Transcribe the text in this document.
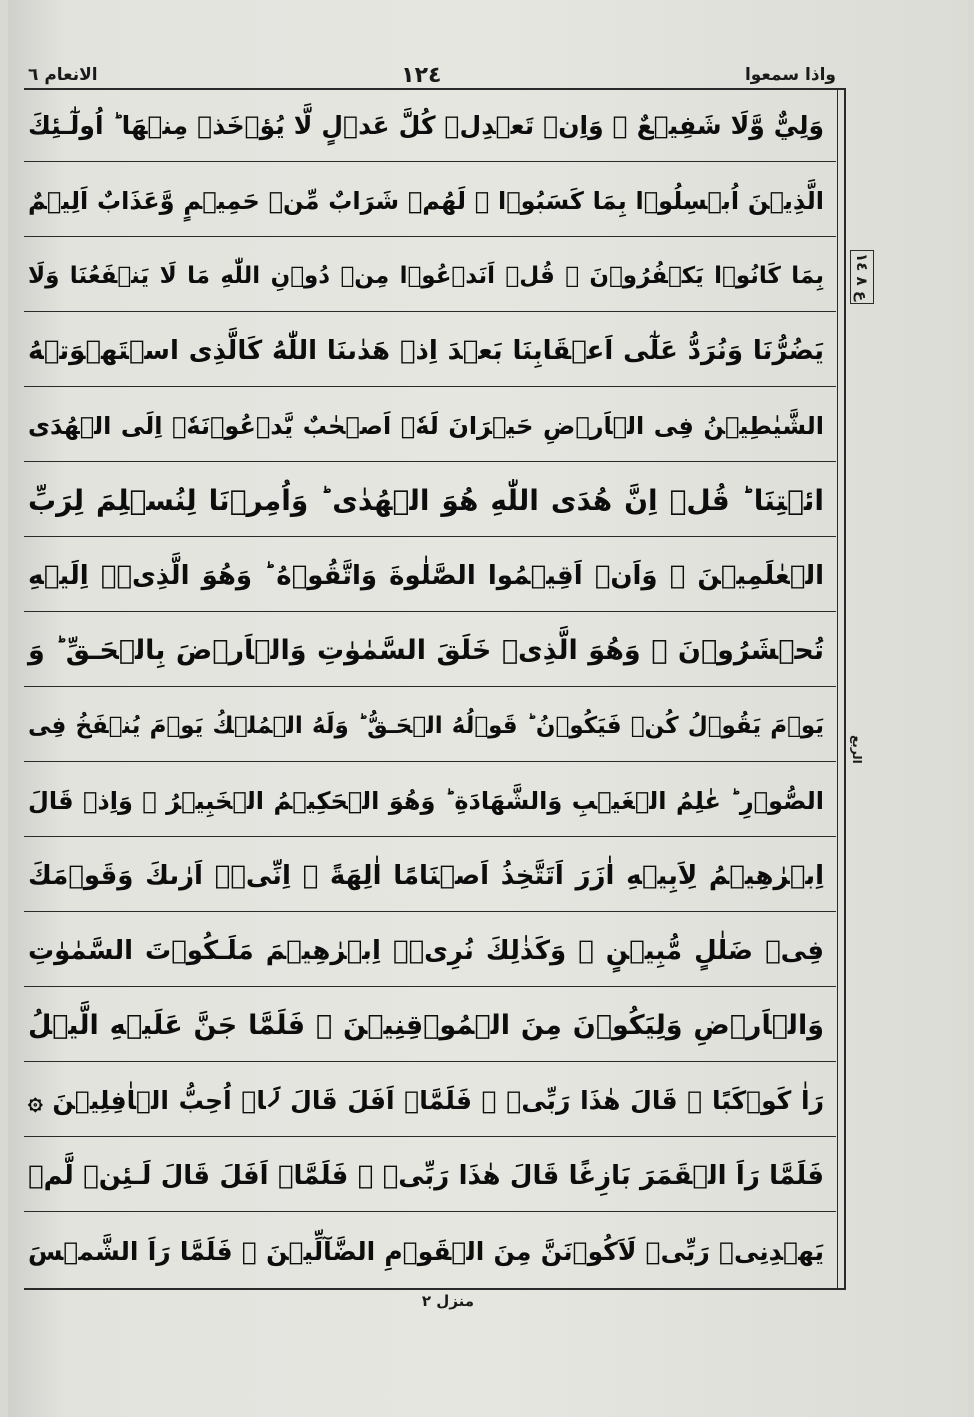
واذا سمعوا
١٢٤
الانعام ٦
وَلِيٌّ وَّلَا شَفِيۡعٌ ۚ وَاِنۡ تَعۡدِلۡ كُلَّ عَدۡلٍ لَّا يُؤۡخَذۡ مِنۡهَا ؕ اُولٰٓـئِكَ
الَّذِيۡنَ اُبۡسِلُوۡا بِمَا كَسَبُوۡا ۚ لَهُمۡ شَرَابٌ مِّنۡ حَمِيۡمٍ وَّعَذَابٌ اَلِيۡمٌ
بِمَا كَانُوۡا يَكۡفُرُوۡنَ ۞ قُلۡ اَنَدۡعُوۡا مِنۡ دُوۡنِ اللّٰهِ مَا لَا يَنۡفَعُنَا وَلَا
يَضُرُّنَا وَنُرَدُّ عَلٰٓى اَعۡقَابِنَا بَعۡدَ اِذۡ هَدٰٮنَا اللّٰهُ كَالَّذِى اسۡتَهۡوَتۡهُ
الشَّيٰطِيۡنُ فِى الۡاَرۡضِ حَيۡرَانَ لَهٗۤ اَصۡحٰبٌ يَّدۡعُوۡنَهٗۤ اِلَى الۡهُدَى
ائۡتِنَا ؕ قُلۡ اِنَّ هُدَى اللّٰهِ هُوَ الۡهُدٰى ؕ وَاُمِرۡنَا لِنُسۡلِمَ لِرَبِّ
الۡعٰلَمِيۡنَ ۞ وَاَنۡ اَقِيۡمُوا الصَّلٰوةَ وَاتَّقُوۡهُ ؕ وَهُوَ الَّذِىۡۤ اِلَيۡهِ
تُحۡشَرُوۡنَ ۞ وَهُوَ الَّذِىۡ خَلَقَ السَّمٰوٰتِ وَالۡاَرۡضَ بِالۡحَـقِّ ؕ وَ
يَوۡمَ يَقُوۡلُ كُنۡ فَيَكُوۡنُ ؕ قَوۡلُهُ الۡحَـقُّ ؕ وَلَهُ الۡمُلۡكُ يَوۡمَ يُنۡفَخُ فِى
الصُّوۡرِ ؕ عٰلِمُ الۡغَيۡبِ وَالشَّهَادَةِ ؕ وَهُوَ الۡحَكِيۡمُ الۡخَبِيۡرُ ۞ وَاِذۡ قَالَ
اِبۡرٰهِيۡمُ لِاَبِيۡهِ اٰزَرَ اَتَتَّخِذُ اَصۡنَامًا اٰلِهَةً ۚ اِنِّىۡۤ اَرٰٮكَ وَقَوۡمَكَ
فِىۡ ضَلٰلٍ مُّبِيۡنٍ ۞ وَكَذٰلِكَ نُرِىۡۤ اِبۡرٰهِيۡمَ مَلَـكُوۡتَ السَّمٰوٰتِ
وَالۡاَرۡضِ وَلِيَكُوۡنَ مِنَ الۡمُوۡقِنِيۡنَ ۞ فَلَمَّا جَنَّ عَلَيۡهِ الَّيۡلُ
رَاٰ كَوۡكَبًا ۚ قَالَ هٰذَا رَبِّىۡ ۚ فَلَمَّاۤ اَفَلَ قَالَ لَاۤ اُحِبُّ الۡاٰفِلِيۡنَ ۞
فَلَمَّا رَاَ الۡقَمَرَ بَازِغًا قَالَ هٰذَا رَبِّىۡ ۚ فَلَمَّاۤ اَفَلَ قَالَ لَـئِنۡ لَّمۡ
يَهۡدِنِىۡ رَبِّىۡ لَاَكُوۡنَنَّ مِنَ الۡقَوۡمِ الضَّآلِّيۡنَ ۞ فَلَمَّا رَاَ الشَّمۡسَ
ع ٨ ١٤
الربع
منزل ٢
